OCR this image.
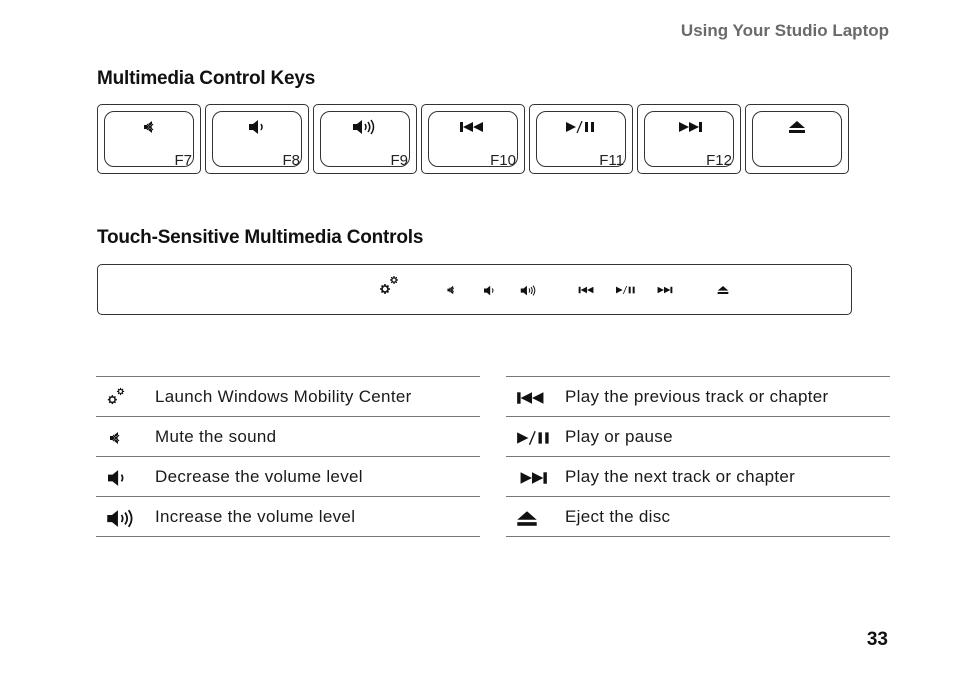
Using Your Studio Laptop
Multimedia Control Keys
F7	F8	F9	F10	F11	F12
Touch-Sensitive Multimedia Controls
Launch Windows Mobility Center
Mute the sound
Decrease the volume level
Increase the volume level
Play the previous track or chapter
Play or pause
Play the next track or chapter
Eject the disc
33
